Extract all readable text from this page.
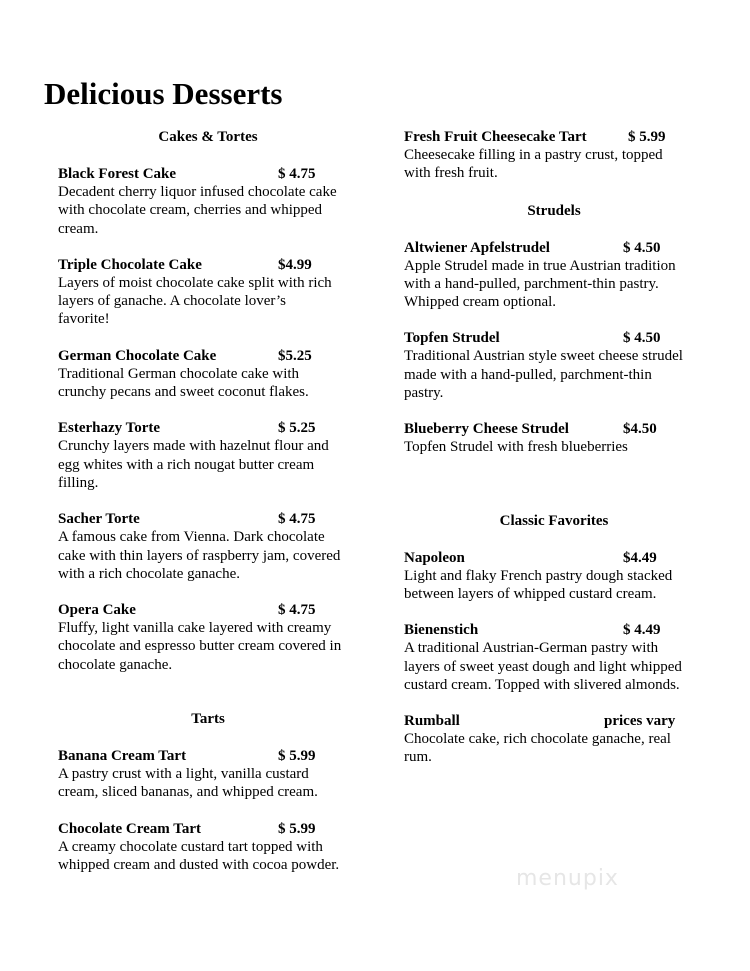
Delicious Desserts
Cakes & Tortes
Black Forest Cake	$ 4.75
Decadent cherry liquor infused chocolate cake
with chocolate cream, cherries and whipped
cream.
Triple Chocolate Cake	$4.99
Layers of moist chocolate cake split with rich
layers of ganache. A chocolate lover’s
favorite!
German Chocolate Cake	$5.25
Traditional German chocolate cake with
crunchy pecans and sweet coconut flakes.
Esterhazy Torte	$ 5.25
Crunchy layers made with hazelnut flour and
egg whites with a rich nougat butter cream
filling.
Sacher Torte	$ 4.75
A famous cake from Vienna. Dark chocolate
cake with thin layers of raspberry jam, covered
with a rich chocolate ganache.
Opera Cake	$ 4.75
Fluffy, light vanilla cake layered with creamy
chocolate and espresso butter cream covered in
chocolate ganache.
Tarts
Banana Cream Tart	$ 5.99
A pastry crust with a light, vanilla custard
cream, sliced bananas, and whipped cream.
Chocolate Cream Tart	$ 5.99
A creamy chocolate custard tart topped with
whipped cream and dusted with cocoa powder.
Fresh Fruit Cheesecake Tart	$ 5.99
Cheesecake filling in a pastry crust, topped
with fresh fruit.
Strudels
Altwiener Apfelstrudel	$ 4.50
Apple Strudel made in true Austrian tradition
with a hand-pulled, parchment-thin pastry.
Whipped cream optional.
Topfen Strudel	$ 4.50
Traditional Austrian style sweet cheese strudel
made with a hand-pulled, parchment-thin
pastry.
Blueberry Cheese Strudel	$4.50
Topfen Strudel with fresh blueberries
Classic Favorites
Napoleon	$4.49
Light and flaky French pastry dough stacked
between layers of whipped custard cream.
Bienenstich	$ 4.49
A traditional Austrian-German pastry with
layers of sweet yeast dough and light whipped
custard cream. Topped with slivered almonds.
Rumball	prices vary
Chocolate cake, rich chocolate ganache, real
rum.
menupix
